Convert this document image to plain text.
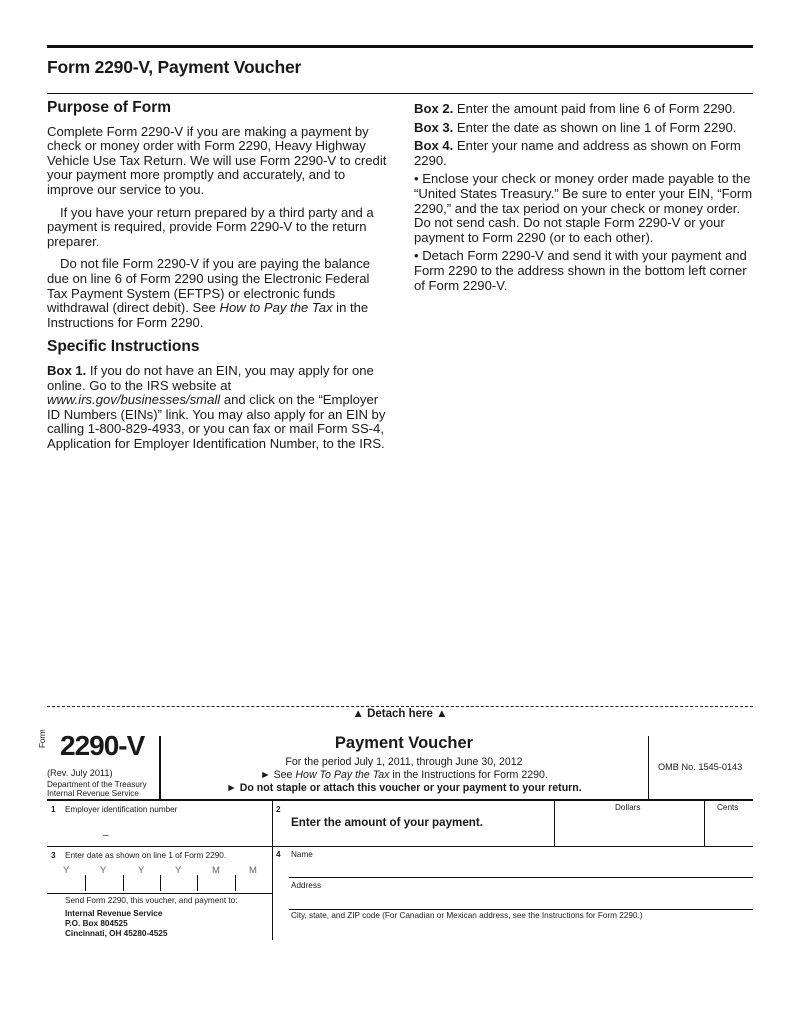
Form 2290-V, Payment Voucher
Purpose of Form

Complete Form 2290-V if you are making a payment by check or money order with Form 2290, Heavy Highway Vehicle Use Tax Return. We will use Form 2290-V to credit your payment more promptly and accurately, and to improve our service to you.

If you have your return prepared by a third party and a payment is required, provide Form 2290-V to the return preparer.

Do not file Form 2290-V if you are paying the balance due on line 6 of Form 2290 using the Electronic Federal Tax Payment System (EFTPS) or electronic funds withdrawal (direct debit). See How to Pay the Tax in the Instructions for Form 2290.

Specific Instructions

Box 1. If you do not have an EIN, you may apply for one online. Go to the IRS website at www.irs.gov/businesses/small and click on the “Employer ID Numbers (EINs)” link. You may also apply for an EIN by calling 1-800-829-4933, or you can fax or mail Form SS-4, Application for Employer Identification Number, to the IRS.

Box 2. Enter the amount paid from line 6 of Form 2290.

Box 3. Enter the date as shown on line 1 of Form 2290.

Box 4. Enter your name and address as shown on Form 2290.

• Enclose your check or money order made payable to the “United States Treasury.” Be sure to enter your EIN, “Form 2290,” and the tax period on your check or money order. Do not send cash. Do not staple Form 2290-V or your payment to Form 2290 (or to each other).

• Detach Form 2290-V and send it with your payment and Form 2290 to the address shown in the bottom left corner of Form 2290-V.

▲ Detach here ▲
Form 2290-V
(Rev. July 2011)
Department of the Treasury
Internal Revenue Service
Payment Voucher
For the period July 1, 2011, through June 30, 2012
► See How To Pay the Tax in the Instructions for Form 2290.
► Do not staple or attach this voucher or your payment to your return.
OMB No. 1545-0143
1 Employer identification number
–
2
Enter the amount of your payment.
Dollars	Cents
3 Enter date as shown on line 1 of Form 2290.
Y	Y	Y	Y	M	M
Send Form 2290, this voucher, and payment to:
Internal Revenue Service
P.O. Box 804525
Cincinnati, OH 45280-4525
4 Name
Address
City, state, and ZIP code (For Canadian or Mexican address, see the Instructions for Form 2290.)
